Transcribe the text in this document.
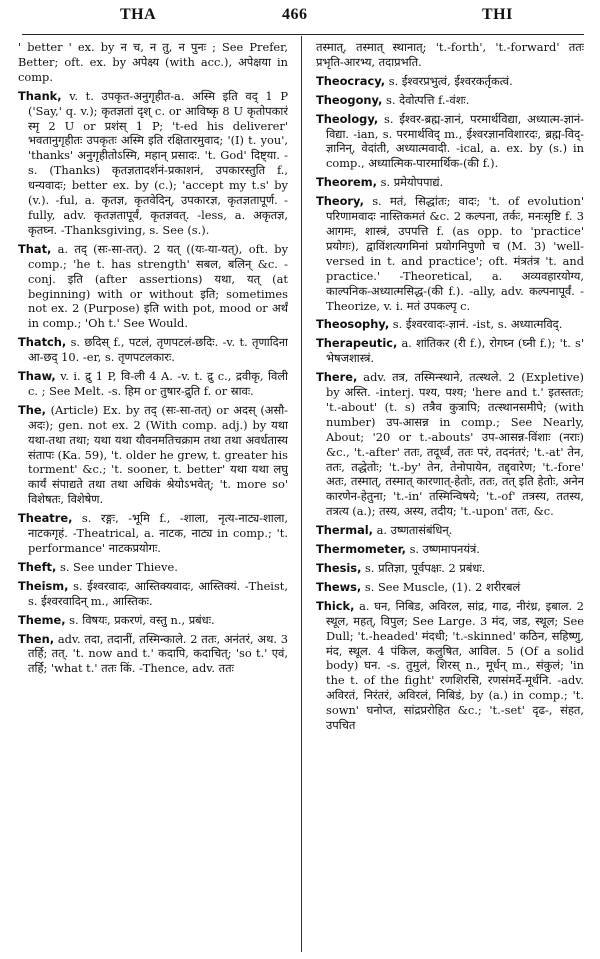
THA	466	THI

' better ' ex. by न च, न तु, न पुनः ; See Prefer, Better; oft. ex. by अपेक्ष्य (with acc.), अपेक्षया in comp.

Thank, v. t. उपकृत-अनुगृहीत-a. अस्मि इति वद् 1 P ('Say,' q. v.); कृतज्ञतां दृश् c. or आविष्कृ 8 U कृतोपकारं स्मृ 2 U or प्रशंस् 1 P; 't-ed his deliverer' भवतानुगृहीतः उपकृतः अस्मि इति रक्षितारमुवाद; '(I) t. you', 'thanks' अनुगृहीतोऽस्मि, महान् प्रसादः. 't. God' दिष्ट्या. -s. (Thanks) कृतज्ञतादर्शनं-प्रकाशनं, उपकारस्तुति f., धन्यवादः; better ex. by (c.); 'accept my t.s' by (v.). -ful, a. कृतज्ञ, कृतवेदिन्, उपकारज्ञ, कृतज्ञतापूर्ण. -fully, adv. कृतज्ञतापूर्वं, कृतज्ञवत्. -less, a. अकृतज्ञ, कृतघ्न. -Thanksgiving, s. See (s.).

That, a. तद् (सः-सा-तत्). 2 यत् ((यः-या-यत्), oft. by comp.; 'he t. has strength' सबल, बलिन् &c. -conj. इति (after assertions) यथा, यत् (at beginning) with or without इति; sometimes not ex. 2 (Purpose) इति with pot, mood or अर्थं in comp.; 'Oh t.' See Would.

Thatch, s. छदिस् f., पटलं, तृणपटलं-छदिः. -v. t. तृणादिना आ-छद् 10. -er, s. तृणपटलकारः.

Thaw, v. i. द्रु 1 P, वि-ली 4 A. -v. t. द्रु c., द्रवीकृ, विली c. ; See Melt. -s. हिम or तुषार-द्रुति f. or स्रावः.

The, (Article) Ex. by तद् (सः-सा-तत्) or अदस् (असौ-अदः); gen. not ex. 2 (With comp. adj.) by यथा यथा-तथा तथा; यथा यथा यौवनमतिचक्राम तथा तथा अवर्धतास्य संतापः (Ka. 59), 't. older he grew, t. greater his torment' &c.; 't. sooner, t. better' यथा यथा लघु कार्यं संपाद्यते तथा तथा अधिकं श्रेयोऽभवेत्; 't. more so' विशेषतः, विशेषेण.

Theatre, s. रङ्गः, -भूमि f., -शाला, नृत्य-नाट्य-शाला, नाटकगृहं. -Theatrical, a. नाटक, नाट्य in comp.; 't. performance' नाटकप्रयोगः.

Theft, s. See under Thieve.

Theism, s. ईश्वरवादः, आस्तिक्यवादः, आस्तिक्यं. -Theist, s. ईश्वरवादिन् m., आस्तिकः.

Theme, s. विषयः, प्रकरणं, वस्तु n., प्रबंधः.

Then, adv. तदा, तदानीं, तस्मिन्काले. 2 ततः, अनंतरं, अथ. 3 तर्हि; तत्. 't. now and t.' कदापि, कदाचित्; 'so t.' एवं, तर्हि; 'what t.' ततः किं. -Thence, adv. ततः

तस्मात्, तस्मात् स्थानात्; 't.-forth', 't.-forward' ततः प्रभृति-आरभ्य, तदाप्रभति.

Theocracy, s. ईश्वरप्रभुत्वं, ईश्वरकर्तृकत्वं.

Theogony, s. देवोत्पत्ति f.-वंशः.

Theology, s. ईश्वर-ब्रह्म-ज्ञानं, परमार्थविद्या, अध्यात्म-ज्ञानं-विद्या. -ian, s. परमार्थविद् m., ईश्वरज्ञानविशारदः, ब्रह्म-विद्-ज्ञानिन्, वेदांती, अध्यात्मवादी. -ical, a. ex. by (s.) in comp., अध्यात्मिक-पारमार्थिक-(की f.).

Theorem, s. प्रमेयोपपाद्यं.

Theory, s. मतं, सिद्धांतः; वादः; 't. of evolution' परिणामवादः नास्तिकमतं &c. 2 कल्पना, तर्कः, मनःसृष्टि f. 3 आगमः, शास्त्रं, उपपत्ति f. (as opp. to 'practice' प्रयोगः), द्वाविंशत्यगमिनां प्रयोगनिपुणो च (M. 3) 'well-versed in t. and practice'; oft. मंत्रतंत्र 't. and practice.' -Theoretical, a. अव्यवहारयोग्य, काल्पनिक-अध्यात्मसिद्ध-(की f.). -ally, adv. कल्पनापूर्वं. -Theorize, v. i. मतं उपकल्पृ c.

Theosophy, s. ईश्वरवादः-ज्ञानं. -ist, s. अध्यात्मविद्.

Therapeutic, a. शांतिकर (री f.), रोगघ्न (घ्नी f.); 't. s' भेषजशास्त्रं.

There, adv. तत्र, तस्मिन्स्थाने, तत्स्थले. 2 (Expletive) by अस्ति. -interj. पश्य, पश्य; 'here and t.' इतस्ततः; 't.-about' (t. s) तत्रैव कुत्रापि; तत्स्थानसमीपे; (with number) उप-आसन्न in comp.; See Nearly, About; '20 or t.-abouts' उप-आसन्न-विंशाः (नराः) &c., 't.-after' ततः, तदूर्ध्वं, ततः परं, तदनंतरं; 't.-at' तेन, ततः, तद्धेतोः; 't.-by' तेन, तेनोपायेन, तद्द्वारेण; 't.-fore' अतः, तस्मात्, तस्मात् कारणात्-हेतोः, ततः, तत् इति हेतोः, अनेन कारणेन-हेतुना; 't.-in' तस्मिन्विषये; 't.-of' तत्रस्य, ततस्य, तत्रत्य (a.); तस्य, अस्य, तदीय; 't.-upon' ततः, &c.

Thermal, a. उष्णतासंबंधिन्.

Thermometer, s. उष्णमापनयंत्रं.

Thesis, s. प्रतिज्ञा, पूर्वपक्षः. 2 प्रबंधः.

Thews, s. See Muscle, (1). 2 शरीरबलं

Thick, a. घन, निबिड, अविरल, सांद्र, गाढ, नीरंध्र, इबाल. 2 स्थूल, महत्, विपुल; See Large. 3 मंद, जड, स्थूल; See Dull; 't.-headed' मंदधी; 't.-skinned' कठिन, सहिष्णु, मंद, स्थूल. 4 पंकिल, कलुषित, आविल. 5 (Of a solid body) घन. -s. तुमुलं, शिरस् n., मूर्धन् m., संकुलं; 'in the t. of the fight' रणशिरसि, रणसंमर्दे-मूर्धनि. -adv. अविरतं, निरंतरं, अविरलं, निबिडं, by (a.) in comp.; 't. sown' घनोप्त, सांद्रप्ररोहित &c.; 't.-set' दृढ-, संहत, उपचित
